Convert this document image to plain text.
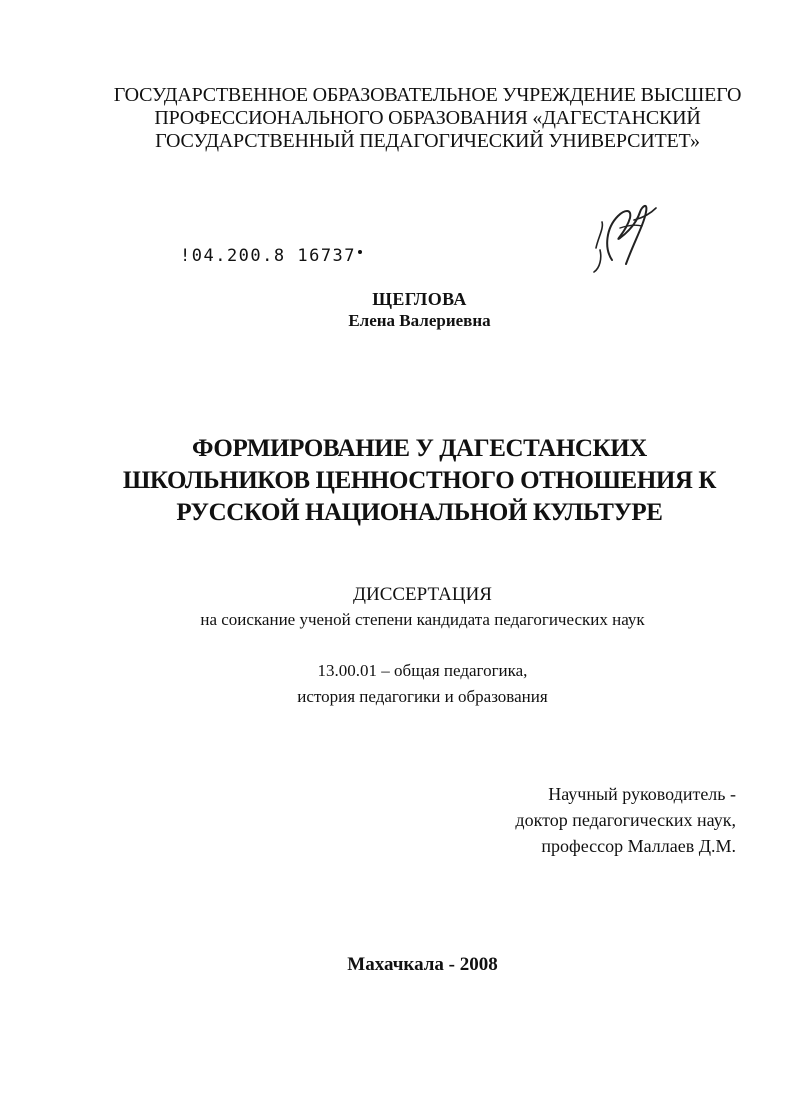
ГОСУДАРСТВЕННОЕ ОБРАЗОВАТЕЛЬНОЕ УЧРЕЖДЕНИЕ ВЫСШЕГО
ПРОФЕССИОНАЛЬНОГО ОБРАЗОВАНИЯ «ДАГЕСТАНСКИЙ
ГОСУДАРСТВЕННЫЙ ПЕДАГОГИЧЕСКИЙ УНИВЕРСИТЕТ»
!04.200.8 16737
ЩЕГЛОВА
Елена Валериевна
ФОРМИРОВАНИЕ У ДАГЕСТАНСКИХ
ШКОЛЬНИКОВ ЦЕННОСТНОГО ОТНОШЕНИЯ К
РУССКОЙ НАЦИОНАЛЬНОЙ КУЛЬТУРЕ
ДИССЕРТАЦИЯ
на соискание ученой степени кандидата педагогических наук
13.00.01 – общая педагогика,
история педагогики и образования
Научный руководитель -
доктор педагогических наук,
профессор Маллаев Д.М.
Махачкала - 2008
